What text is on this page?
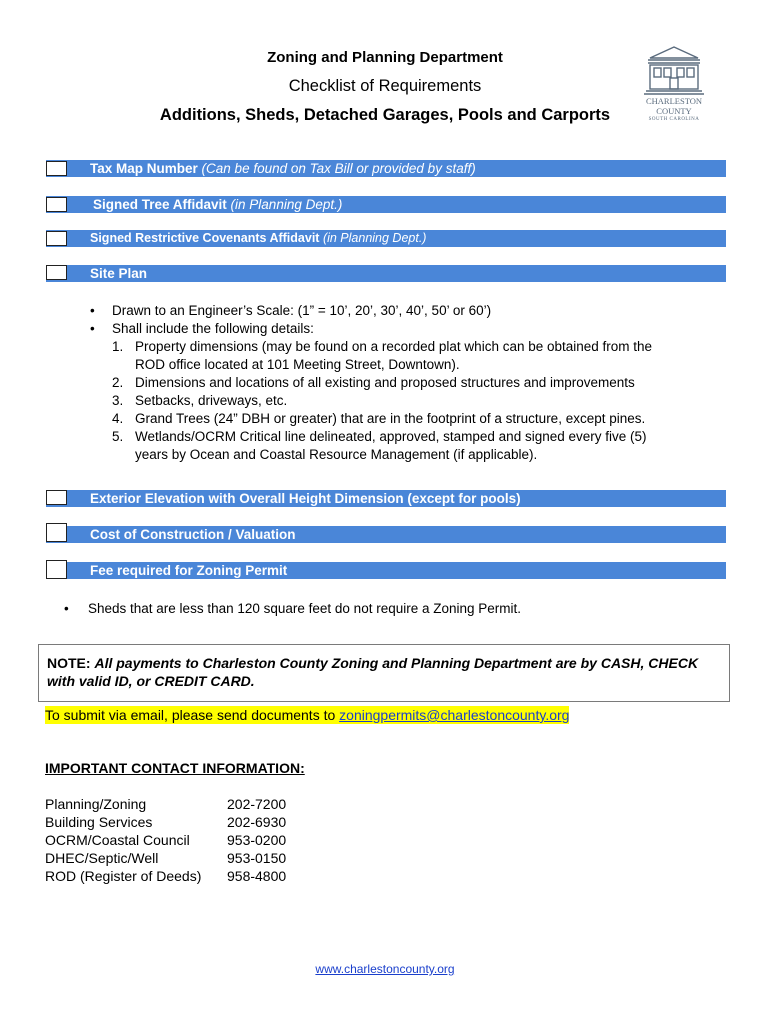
Zoning and Planning Department
Checklist of Requirements
Additions, Sheds, Detached Garages, Pools and Carports
CHARLESTON
COUNTY
SOUTH CAROLINA
Tax Map Number (Can be found on Tax Bill or provided by staff)
Signed Tree Affidavit (in Planning Dept.)
Signed Restrictive Covenants Affidavit (in Planning Dept.)
Site Plan
• Drawn to an Engineer’s Scale: (1” = 10’, 20’, 30’, 40’, 50’ or 60’)
• Shall include the following details:
1. Property dimensions (may be found on a recorded plat which can be obtained from the
ROD office located at 101 Meeting Street, Downtown).
2. Dimensions and locations of all existing and proposed structures and improvements
3. Setbacks, driveways, etc.
4. Grand Trees (24” DBH or greater) that are in the footprint of a structure, except pines.
5. Wetlands/OCRM Critical line delineated, approved, stamped and signed every five (5)
years by Ocean and Coastal Resource Management (if applicable).
Exterior Elevation with Overall Height Dimension (except for pools)
Cost of Construction / Valuation
Fee required for Zoning Permit
• Sheds that are less than 120 square feet do not require a Zoning Permit.
NOTE: All payments to Charleston County Zoning and Planning Department are by CASH, CHECK with valid ID, or CREDIT CARD.
To submit via email, please send documents to zoningpermits@charlestoncounty.org
IMPORTANT CONTACT INFORMATION:
Planning/Zoning	202-7200
Building Services	202-6930
OCRM/Coastal Council	953-0200
DHEC/Septic/Well	953-0150
ROD (Register of Deeds)	958-4800
www.charlestoncounty.org
